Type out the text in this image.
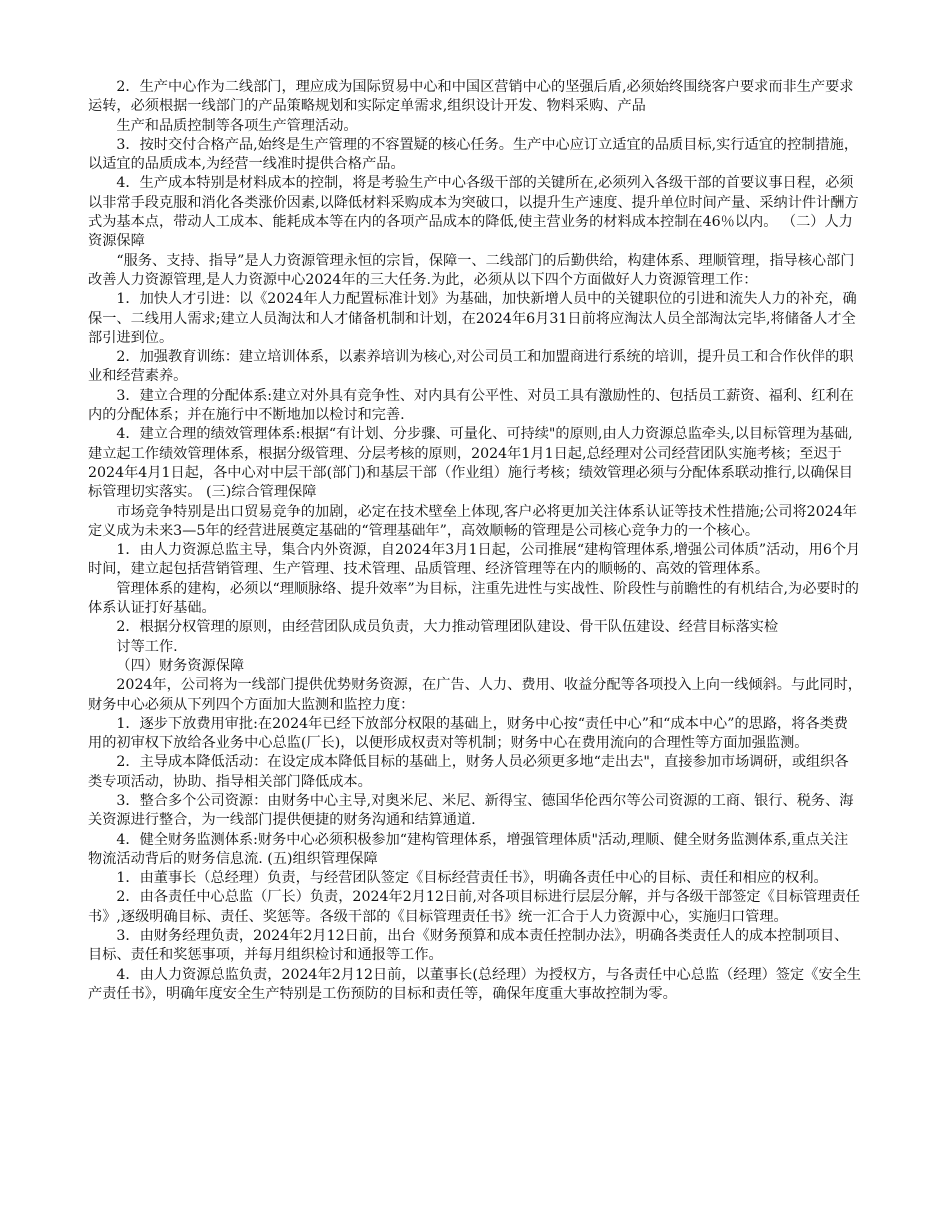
2．生产中心作为二线部门，理应成为国际贸易中心和中国区营销中心的坚强后盾,必须始终围绕客户要求而非生产要求运转，必须根据一线部门的产品策略规划和实际定单需求,组织设计开发、物料采购、产品

生产和品质控制等各项生产管理活动。

3．按时交付合格产品,始终是生产管理的不容置疑的核心任务。生产中心应订立适宜的品质目标,实行适宜的控制措施，以适宜的品质成本,为经营一线准时提供合格产品。

4．生产成本特别是材料成本的控制，将是考验生产中心各级干部的关键所在,必须列入各级干部的首要议事日程，必须以非常手段克服和消化各类涨价因素,以降低材料采购成本为突破口，以提升生产速度、提升单位时间产量、采纳计件计酬方式为基本点，带动人工成本、能耗成本等在内的各项产品成本的降低,使主营业务的材料成本控制在46％以内。 （二）人力资源保障

“服务、支持、指导”是人力资源管理永恒的宗旨，保障一、二线部门的后勤供给，构建体系、理顺管理，指导核心部门改善人力资源管理,是人力资源中心2024年的三大任务.为此，必须从以下四个方面做好人力资源管理工作：

1．加快人才引进：以《2024年人力配置标准计划》为基础，加快新增人员中的关键职位的引进和流失人力的补充，确保一、二线用人需求;建立人员淘汰和人才储备机制和计划，在2024年6月31日前将应淘汰人员全部淘汰完毕,将储备人才全部引进到位。

2．加强教育训练：建立培训体系，以素养培训为核心,对公司员工和加盟商进行系统的培训，提升员工和合作伙伴的职业和经营素养。

3．建立合理的分配体系:建立对外具有竞争性、对内具有公平性、对员工具有激励性的、包括员工薪资、福利、红利在内的分配体系；并在施行中不断地加以检讨和完善.

4．建立合理的绩效管理体系:根据“有计划、分步骤、可量化、可持续"的原则,由人力资源总监牵头,以目标管理为基础,建立起工作绩效管理体系，根据分级管理、分层考核的原则，2024年1月1日起,总经理对公司经营团队实施考核；至迟于2024年4月1日起，各中心对中层干部(部门)和基层干部（作业组）施行考核；绩效管理必须与分配体系联动推行,以确保目标管理切实落实。 (三)综合管理保障

市场竞争特别是出口贸易竞争的加剧，必定在技术壁垒上体现,客户必将更加关注体系认证等技术性措施;公司将2024年定义成为未来3—5年的经营进展奠定基础的“管理基础年”，高效顺畅的管理是公司核心竞争力的一个核心。

1．由人力资源总监主导，集合内外资源，自2024年3月1日起，公司推展“建构管理体系,增强公司体质”活动，用6个月时间，建立起包括营销管理、生产管理、技术管理、品质管理、经济管理等在内的顺畅的、高效的管理体系。

管理体系的建构，必须以“理顺脉络、提升效率”为目标，注重先进性与实战性、阶段性与前瞻性的有机结合,为必要时的体系认证打好基础。

2．根据分权管理的原则，由经营团队成员负责，大力推动管理团队建设、骨干队伍建设、经营目标落实检

讨等工作.

（四）财务资源保障

2024年，公司将为一线部门提供优势财务资源，在广告、人力、费用、收益分配等各项投入上向一线倾斜。与此同时，财务中心必须从下列四个方面加大监测和监控力度：

1．逐步下放费用审批:在2024年已经下放部分权限的基础上，财务中心按“责任中心”和“成本中心”的思路，将各类费用的初审权下放给各业务中心总监(厂长)，以便形成权责对等机制；财务中心在费用流向的合理性等方面加强监测。

2．主导成本降低活动：在设定成本降低目标的基础上，财务人员必须更多地“走出去"，直接参加市场调研，或组织各类专项活动，协助、指导相关部门降低成本。

3．整合多个公司资源：由财务中心主导,对奥米尼、米尼、新得宝、德国华伦西尔等公司资源的工商、银行、税务、海关资源进行整合，为一线部门提供便捷的财务沟通和结算通道.

4．健全财务监测体系:财务中心必须积极参加“建构管理体系，增强管理体质"活动,理顺、健全财务监测体系,重点关注物流活动背后的财务信息流. (五)组织管理保障

1．由董事长（总经理）负责，与经营团队签定《目标经营责任书》，明确各责任中心的目标、责任和相应的权利。

2．由各责任中心总监（厂长）负责，2024年2月12日前,对各项目标进行层层分解，并与各级干部签定《目标管理责任书》,逐级明确目标、责任、奖惩等。各级干部的《目标管理责任书》统一汇合于人力资源中心，实施归口管理。

3．由财务经理负责，2024年2月12日前，出台《财务预算和成本责任控制办法》，明确各类责任人的成本控制项目、目标、责任和奖惩事项，并每月组织检讨和通报等工作。

4．由人力资源总监负责，2024年2月12日前，以董事长(总经理）为授权方，与各责任中心总监（经理）签定《安全生产责任书》，明确年度安全生产特别是工伤预防的目标和责任等，确保年度重大事故控制为零。
